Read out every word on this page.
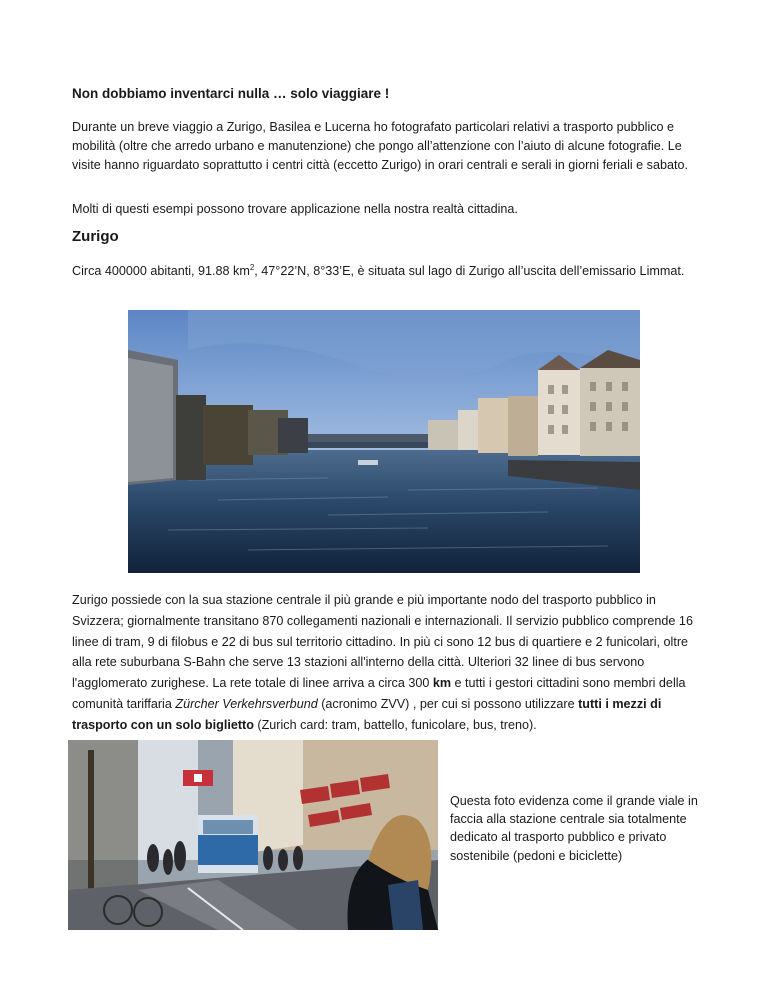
Non dobbiamo inventarci nulla … solo viaggiare !
Durante un breve viaggio a Zurigo, Basilea e Lucerna ho fotografato particolari relativi a trasporto pubblico e mobilità (oltre che arredo urbano e manutenzione) che pongo all’attenzione con l’aiuto di alcune fotografie. Le visite hanno riguardato soprattutto i centri città (eccetto Zurigo) in orari centrali e serali in giorni feriali e sabato.
Molti di questi esempi possono trovare applicazione nella nostra realtà cittadina.
Zurigo
Circa 400000 abitanti, 91.88 $km^2$, 47°22’N, 8°33’E, è situata sul lago di Zurigo all’uscita dell’emissario Limmat.
Zurigo possiede con la sua stazione centrale il più grande e più importante nodo del trasporto pubblico in Svizzera; giornalmente transitano 870 collegamenti nazionali e internazionali. Il servizio pubblico comprende 16 linee di tram, 9 di filobus e 22 di bus sul territorio cittadino. In più ci sono 12 bus di quartiere e 2 funicolari, oltre alla rete suburbana S-Bahn che serve 13 stazioni all'interno della città. Ulteriori 32 linee di bus servono l'agglomerato zurighese. La rete totale di linee arriva a circa 300 km e tutti i gestori cittadini sono membri della comunità tariffaria Zürcher Verkehrsverbund (acronimo ZVV) , per cui si possono utilizzare tutti i mezzi di trasporto con un solo biglietto (Zurich card: tram, battello, funicolare, bus, treno).
Questa foto evidenza come il grande viale in faccia alla stazione centrale sia totalmente dedicato al trasporto pubblico e privato sostenibile (pedoni e biciclette)
